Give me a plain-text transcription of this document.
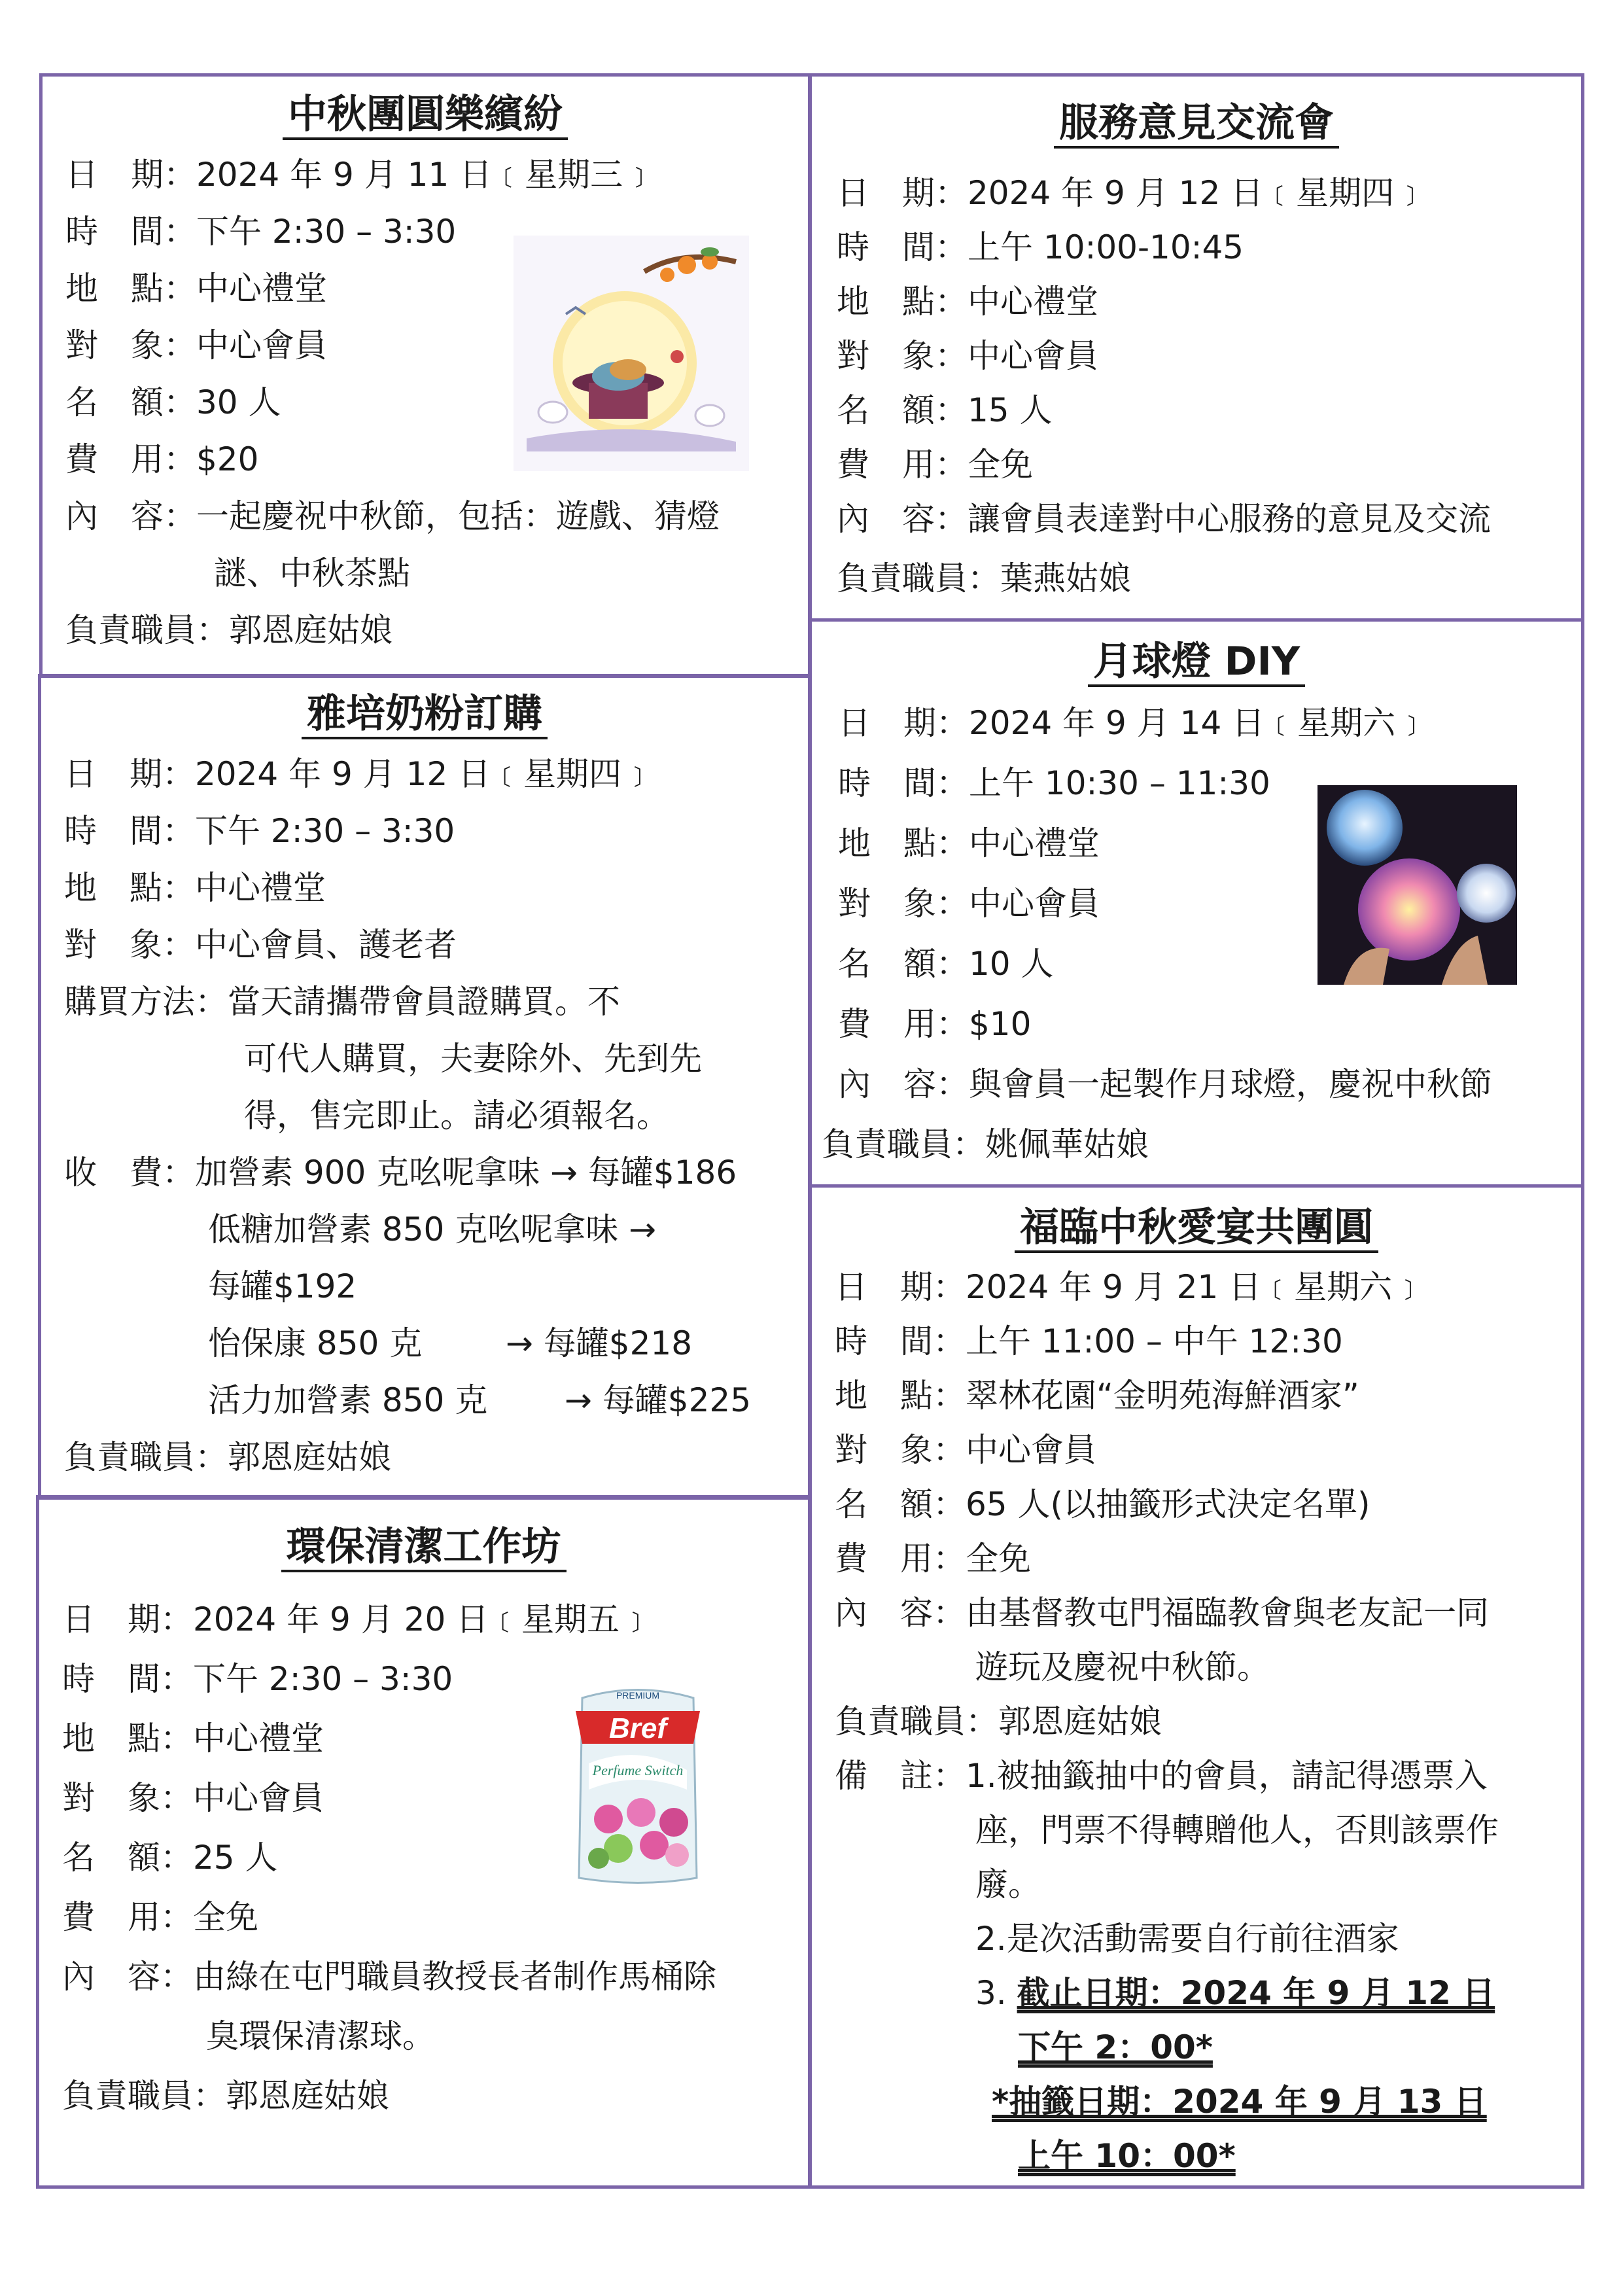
中秋團圓樂繽紛
日　期：2024 年 9 月 11 日﹝星期三﹞
時　間：下午 2:30 – 3:30
地　點：中心禮堂
對　象：中心會員
名　額：30 人
費　用：$20
內　容：一起慶祝中秋節，包括：遊戲、猜燈
謎、中秋茶點
負責職員：郭恩庭姑娘
服務意見交流會
日　期：2024 年 9 月 12 日﹝星期四﹞
時　間：上午 10:00-10:45
地　點：中心禮堂
對　象：中心會員
名　額：15 人
費　用：全免
內　容：讓會員表達對中心服務的意見及交流
負責職員：葉燕姑娘
雅培奶粉訂購
日　期：2024 年 9 月 12 日﹝星期四﹞
時　間：下午 2:30 – 3:30
地　點：中心禮堂
對　象：中心會員、護老者
購買方法：當天請攜帶會員證購買。不
可代人購買，夫妻除外、先到先
得，售完即止。請必須報名。
收　費：加營素 900 克吆呢拿味 → 每罐$186
低糖加營素 850 克吆呢拿味 →
每罐$192
怡保康 850 克	→ 每罐$218
活力加營素 850 克 → 每罐$225
負責職員：郭恩庭姑娘
月球燈 DIY
日　期：2024 年 9 月 14 日﹝星期六﹞
時　間：上午 10:30 – 11:30
地　點：中心禮堂
對　象：中心會員
名　額：10 人
費　用：$10
內　容：與會員一起製作月球燈，慶祝中秋節
負責職員：姚佩華姑娘
環保清潔工作坊
日　期：2024 年 9 月 20 日﹝星期五﹞
時　間：下午 2:30 – 3:30
地　點：中心禮堂
對　象：中心會員
名　額：25 人
費　用：全免
內　容：由綠在屯門職員教授長者制作馬桶除
臭環保清潔球。
負責職員：郭恩庭姑娘
PREMIUM
Bref
Perfume Switch
福臨中秋愛宴共團圓
日　期：2024 年 9 月 21 日﹝星期六﹞
時　間：上午 11:00 – 中午 12:30
地　點：翠林花園“金明苑海鮮酒家”
對　象：中心會員
名　額：65 人(以抽籤形式決定名單)
費　用：全免
內　容：由基督教屯門福臨教會與老友記一同
遊玩及慶祝中秋節。
負責職員：郭恩庭姑娘
備　註：1.被抽籤抽中的會員，請記得憑票入
座，門票不得轉贈他人，否則該票作
廢。
2.是次活動需要自行前往酒家
3. 截止日期：2024 年 9 月 12 日
下午 2：00*
*抽籤日期：2024 年 9 月 13 日
上午 10：00*
